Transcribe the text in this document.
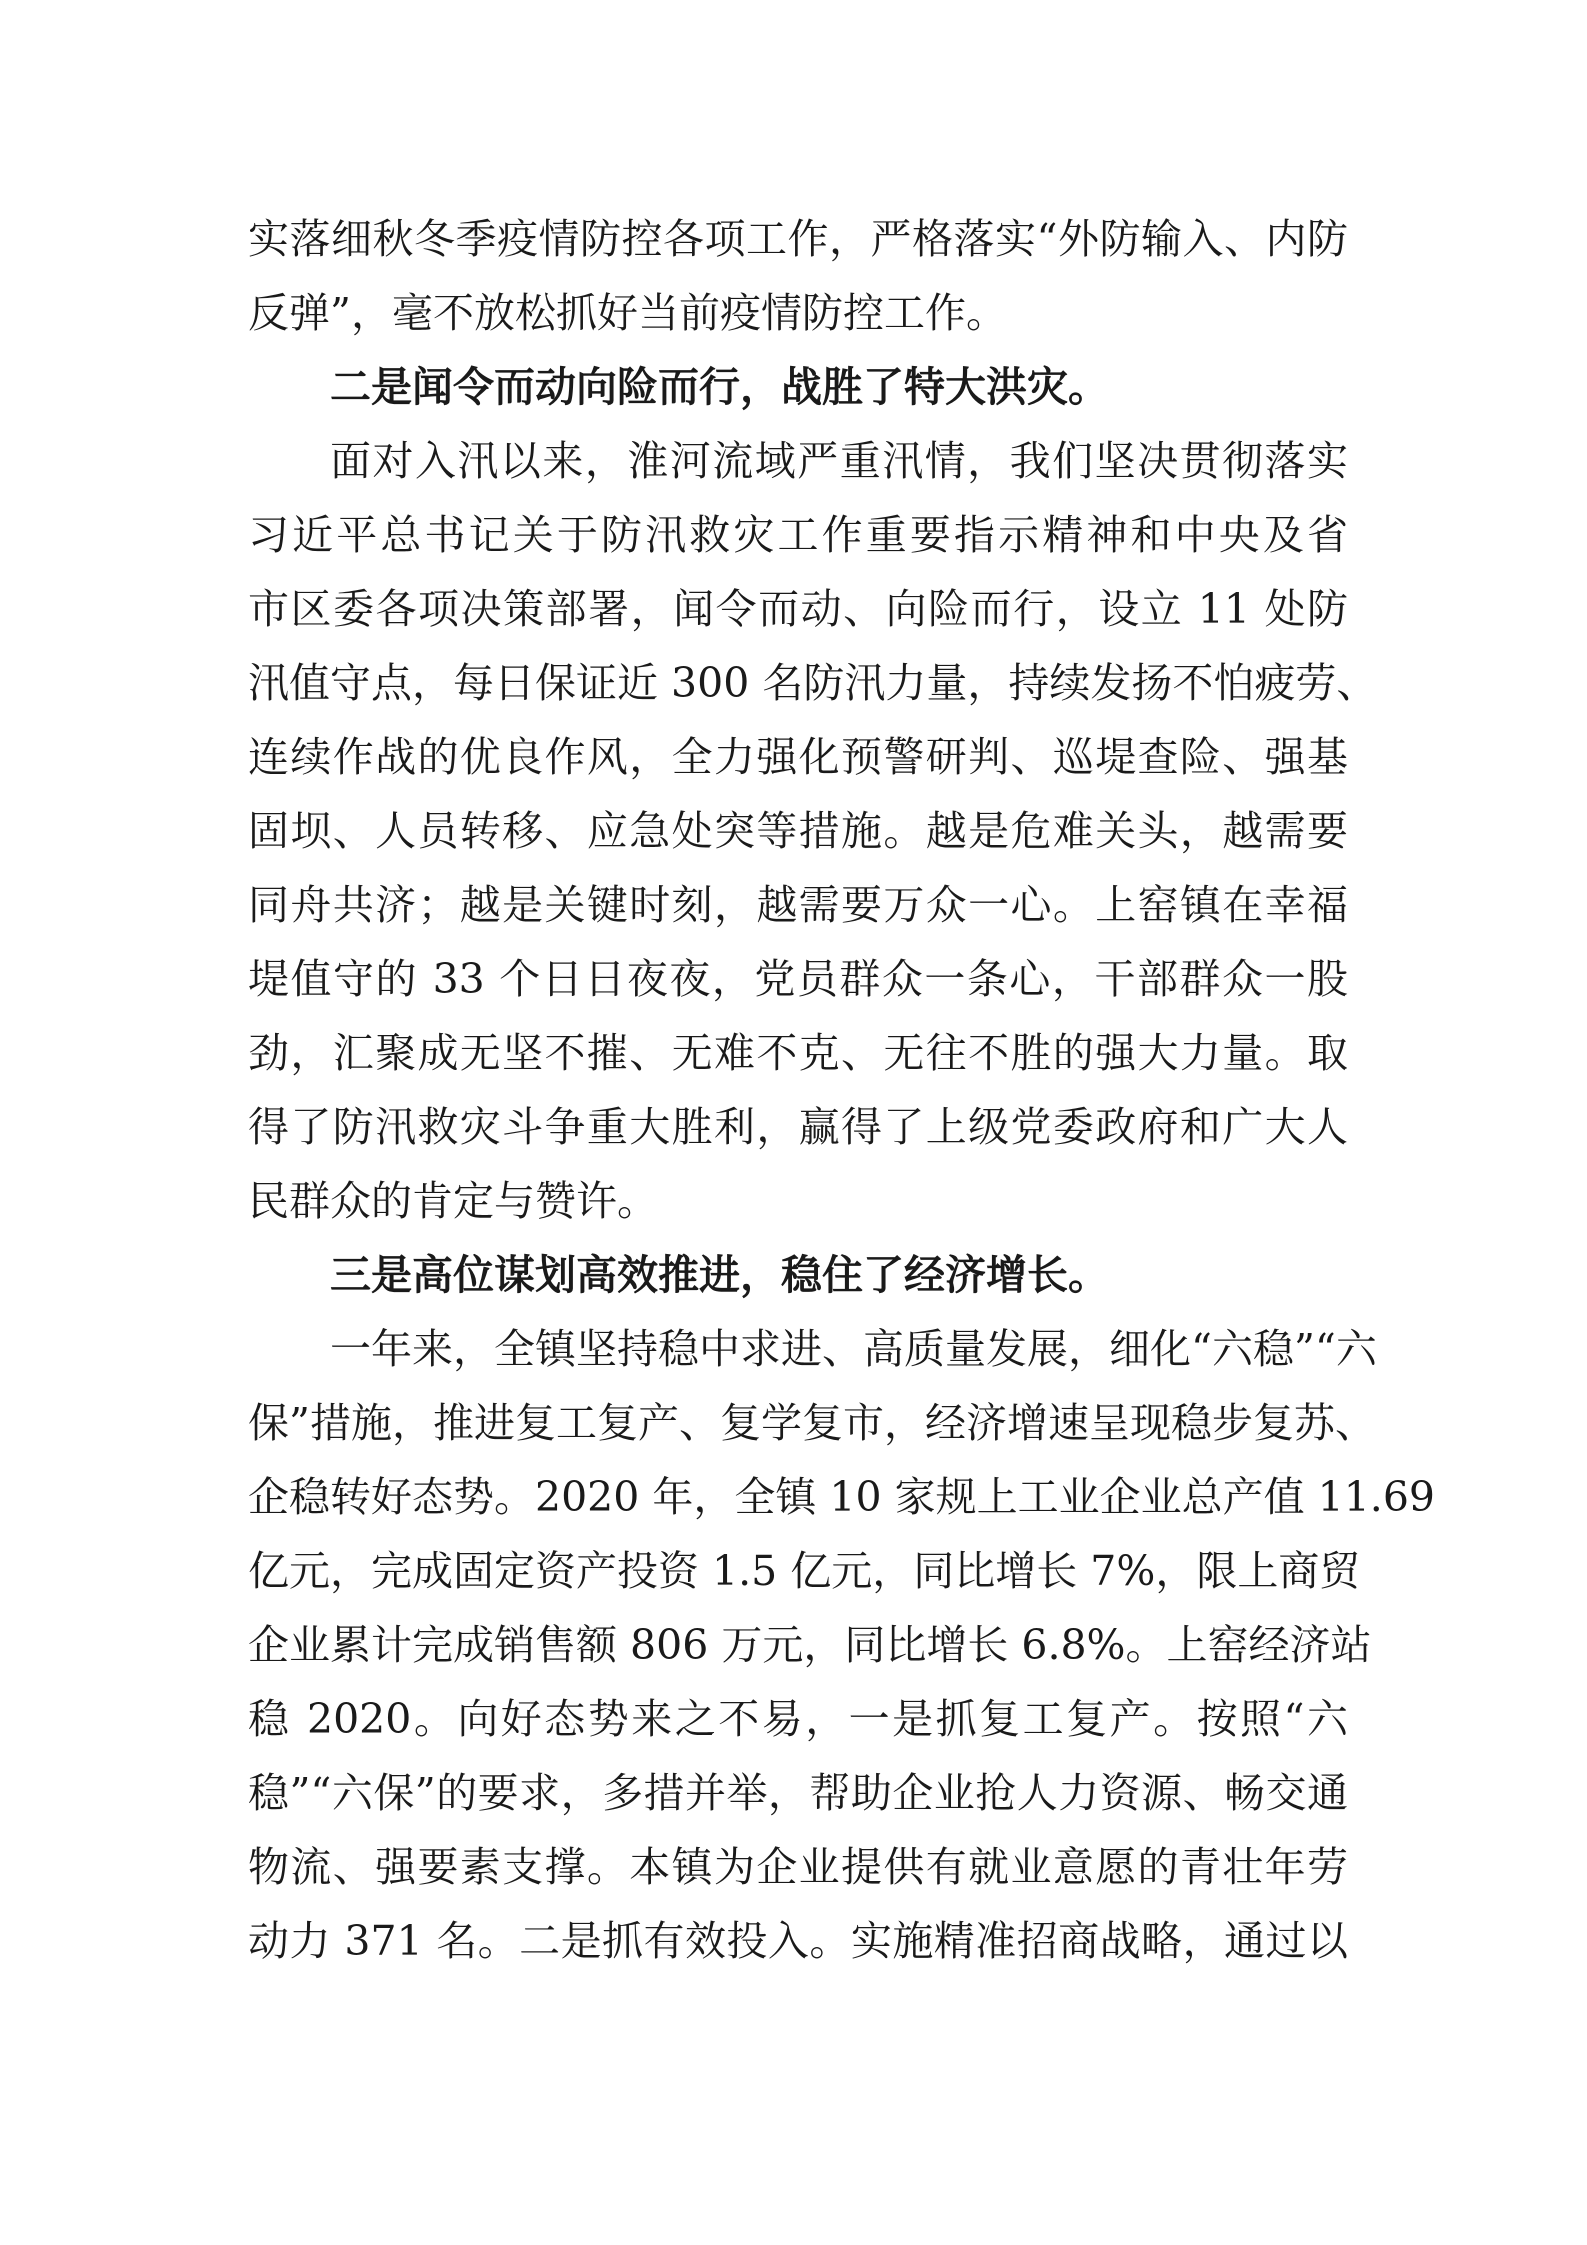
实落细秋冬季疫情防控各项工作，严格落实“外防输入、内防
反弹”，毫不放松抓好当前疫情防控工作。
二是闻令而动向险而行，战胜了特大洪灾。
面对入汛以来，淮河流域严重汛情，我们坚决贯彻落实
习近平总书记关于防汛救灾工作重要指示精神和中央及省
市区委各项决策部署，闻令而动、向险而行，设立 11 处防
汛值守点，每日保证近 300 名防汛力量，持续发扬不怕疲劳、
连续作战的优良作风，全力强化预警研判、巡堤查险、强基
固坝、人员转移、应急处突等措施。越是危难关头，越需要
同舟共济；越是关键时刻，越需要万众一心。上窑镇在幸福
堤值守的 33 个日日夜夜，党员群众一条心，干部群众一股
劲，汇聚成无坚不摧、无难不克、无往不胜的强大力量。取
得了防汛救灾斗争重大胜利，赢得了上级党委政府和广大人
民群众的肯定与赞许。
三是高位谋划高效推进，稳住了经济增长。
一年来，全镇坚持稳中求进、高质量发展，细化“六稳”“六
保”措施，推进复工复产、复学复市，经济增速呈现稳步复苏、
企稳转好态势。2020 年，全镇 10 家规上工业企业总产值 11.69
亿元，完成固定资产投资 1.5 亿元，同比增长 7%，限上商贸
企业累计完成销售额 806 万元，同比增长 6.8%。上窑经济站
稳 2020。向好态势来之不易，一是抓复工复产。按照“六
稳”“六保”的要求，多措并举，帮助企业抢人力资源、畅交通
物流、强要素支撑。本镇为企业提供有就业意愿的青壮年劳
动力 371 名。二是抓有效投入。实施精准招商战略，通过以
